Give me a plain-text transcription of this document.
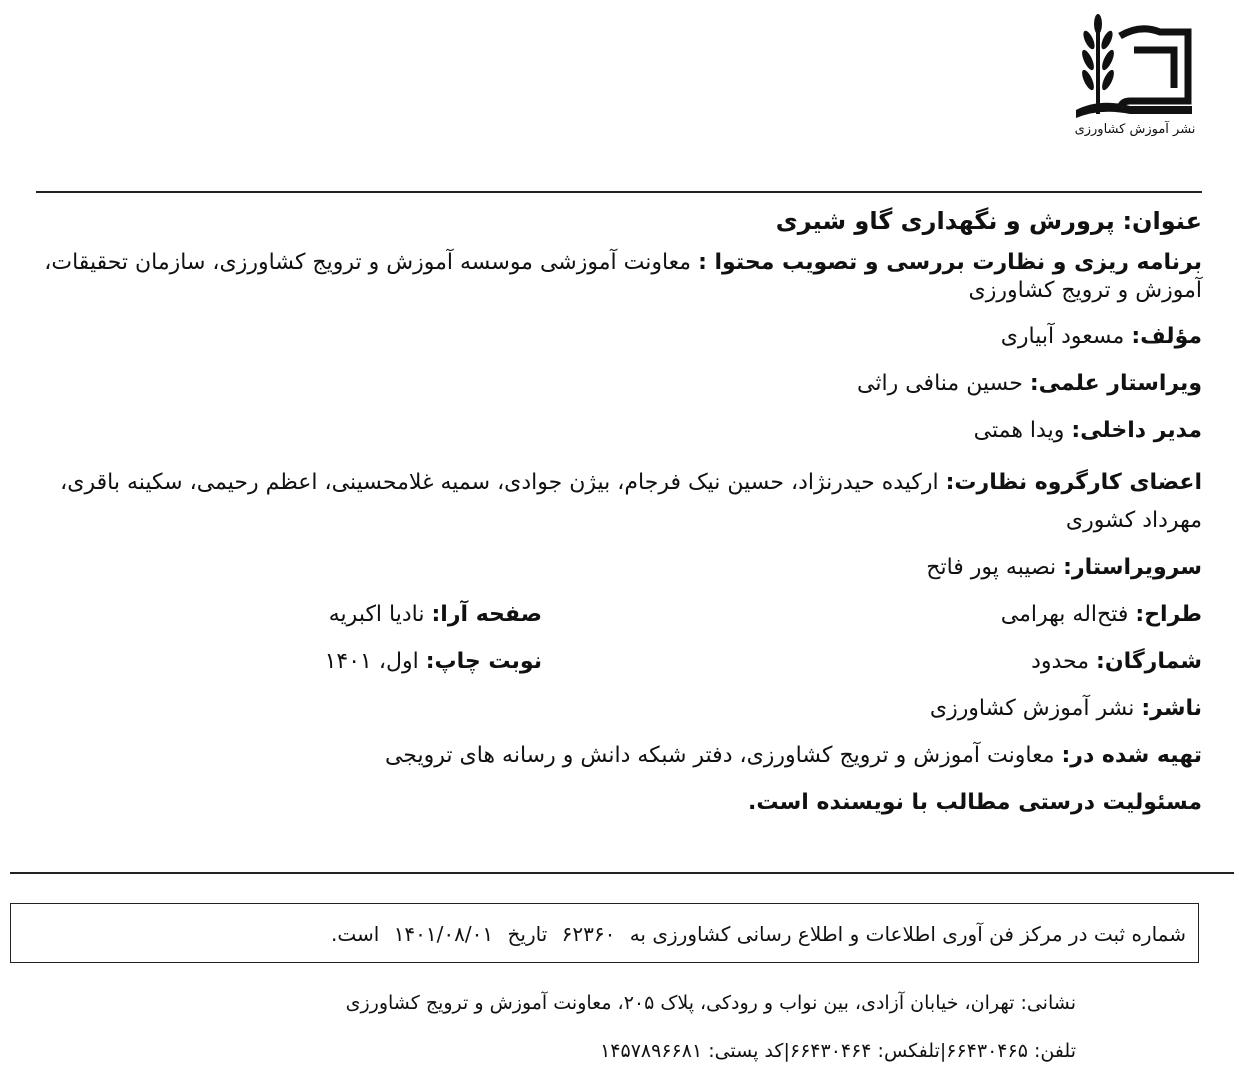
نشر آموزش کشاورزی
عنوان: پرورش و نگهداری گاو شیری
برنامه ریزی و نظارت بررسی و تصویب محتوا : معاونت آموزشی موسسه آموزش و ترویج کشاورزی، سازمان تحقیقات، آموزش و ترویج کشاورزی
مؤلف: مسعود آبیاری
ویراستار علمی: حسین منافی راثی
مدیر داخلی: ویدا همتی
اعضای کارگروه نظارت: ارکیده حیدرنژاد، حسین نیک فرجام، بیژن جوادی، سمیه غلامحسینی، اعظم رحیمی، سکینه باقری، مهرداد کشوری
سرویراستار: نصیبه پور فاتح
طراح: فتح‌اله بهرامی
صفحه آرا: نادیا اکبریه
شمارگان: محدود
نوبت چاپ: اول، ۱۴۰۱
ناشر: نشر آموزش کشاورزی
تهیه شده در: معاونت آموزش و ترویج کشاورزی، دفتر شبکه دانش و رسانه های ترویجی
مسئولیت درستی مطالب با نویسنده است.
شماره ثبت در مرکز فن آوری اطلاعات و اطلاع رسانی کشاورزی به ۶۲۳۶۰ تاریخ ۱۴۰۱/۰۸/۰۱ است.
نشانی: تهران، خیابان آزادی، بین نواب و رودکی، پلاک ۲۰۵، معاونت آموزش و ترویج کشاورزی
تلفن: ۶۶۴۳۰۴۶۵|تلفکس: ۶۶۴۳۰۴۶۴|کد پستی: ۱۴۵۷۸۹۶۶۸۱
